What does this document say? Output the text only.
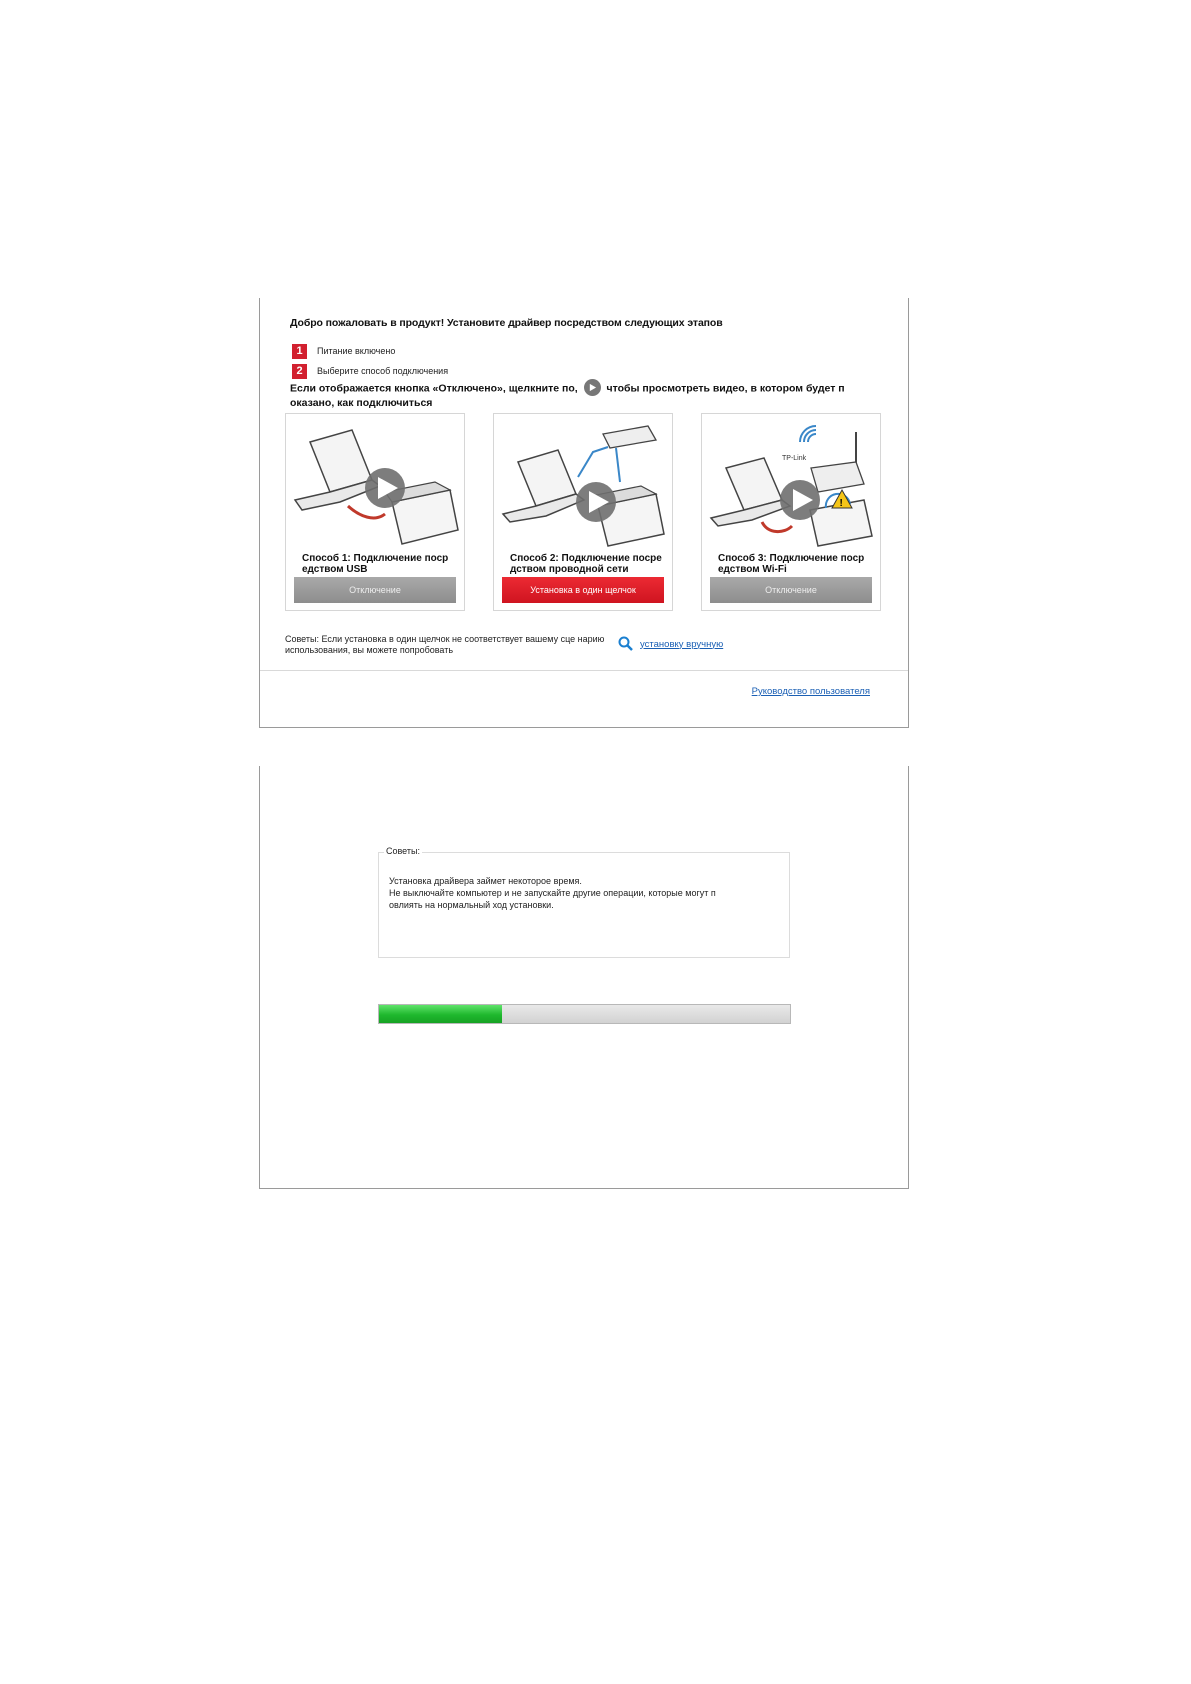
Добро пожаловать в продукт! Установите драйвер посредством следующих этапов
1	Питание включено
2	Выберите способ подключения
Если отображается кнопка «Отключено», щелкните по,	чтобы просмотреть видео, в котором будет п оказано, как подключиться
Способ 1: Подключение поср едством USB
Отключение
Способ 2: Подключение посре дством проводной сети
Установка в один щелчок
TP-Link
!
Способ 3: Подключение поср едством Wi-Fi
Отключение
Советы: Если установка в один щелчок не соответствует вашему сце нарию использования, вы можете попробовать
установку вручную
Руководство пользователя
Советы:
Установка драйвера займет некоторое время.
Не выключайте компьютер и не запускайте другие операции, которые могут п
овлиять на нормальный ход установки.
